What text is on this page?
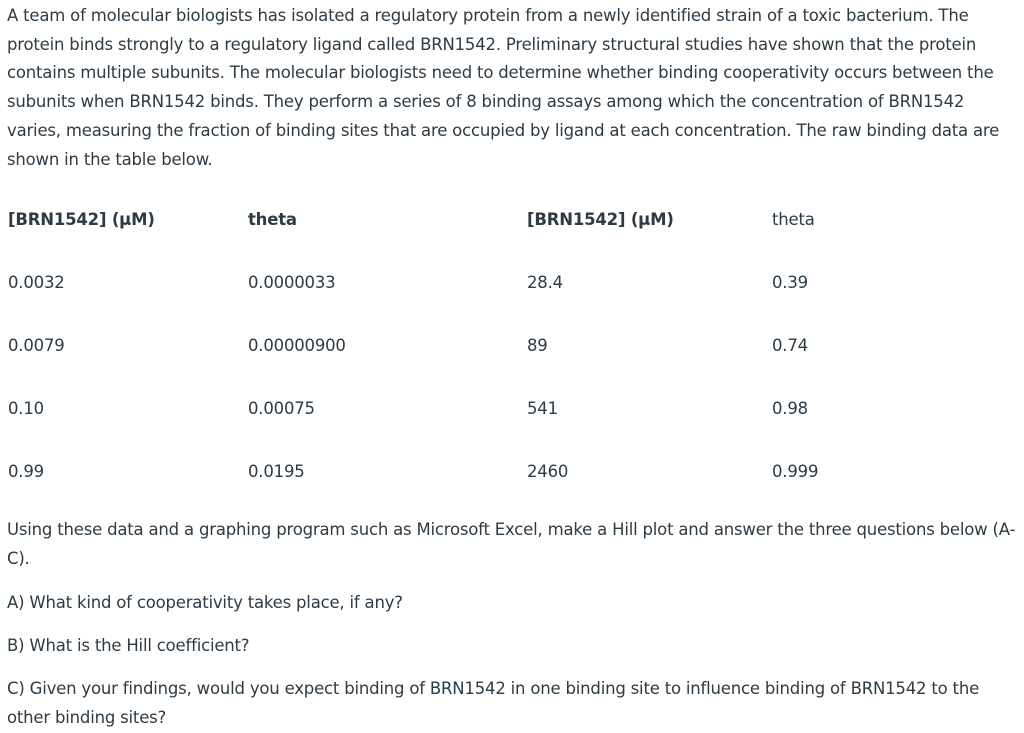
A team of molecular biologists has isolated a regulatory protein from a newly identified strain of a toxic bacterium. The protein binds strongly to a regulatory ligand called BRN1542. Preliminary structural studies have shown that the protein contains multiple subunits. The molecular biologists need to determine whether binding cooperativity occurs between the subunits when BRN1542 binds. They perform a series of 8 binding assays among which the concentration of BRN1542 varies, measuring the fraction of binding sites that are occupied by ligand at each concentration. The raw binding data are shown in the table below.

[BRN1542] (µM)	theta	[BRN1542] (µM)	theta
0.0032	0.0000033	28.4	0.39
0.0079	0.00000900	89	0.74
0.10	0.00075	541	0.98
0.99	0.0195	2460	0.999

Using these data and a graphing program such as Microsoft Excel, make a Hill plot and answer the three questions below (A-C).

A) What kind of cooperativity takes place, if any?

B) What is the Hill coefficient?

C) Given your findings, would you expect binding of BRN1542 in one binding site to influence binding of BRN1542 to the other binding sites?
